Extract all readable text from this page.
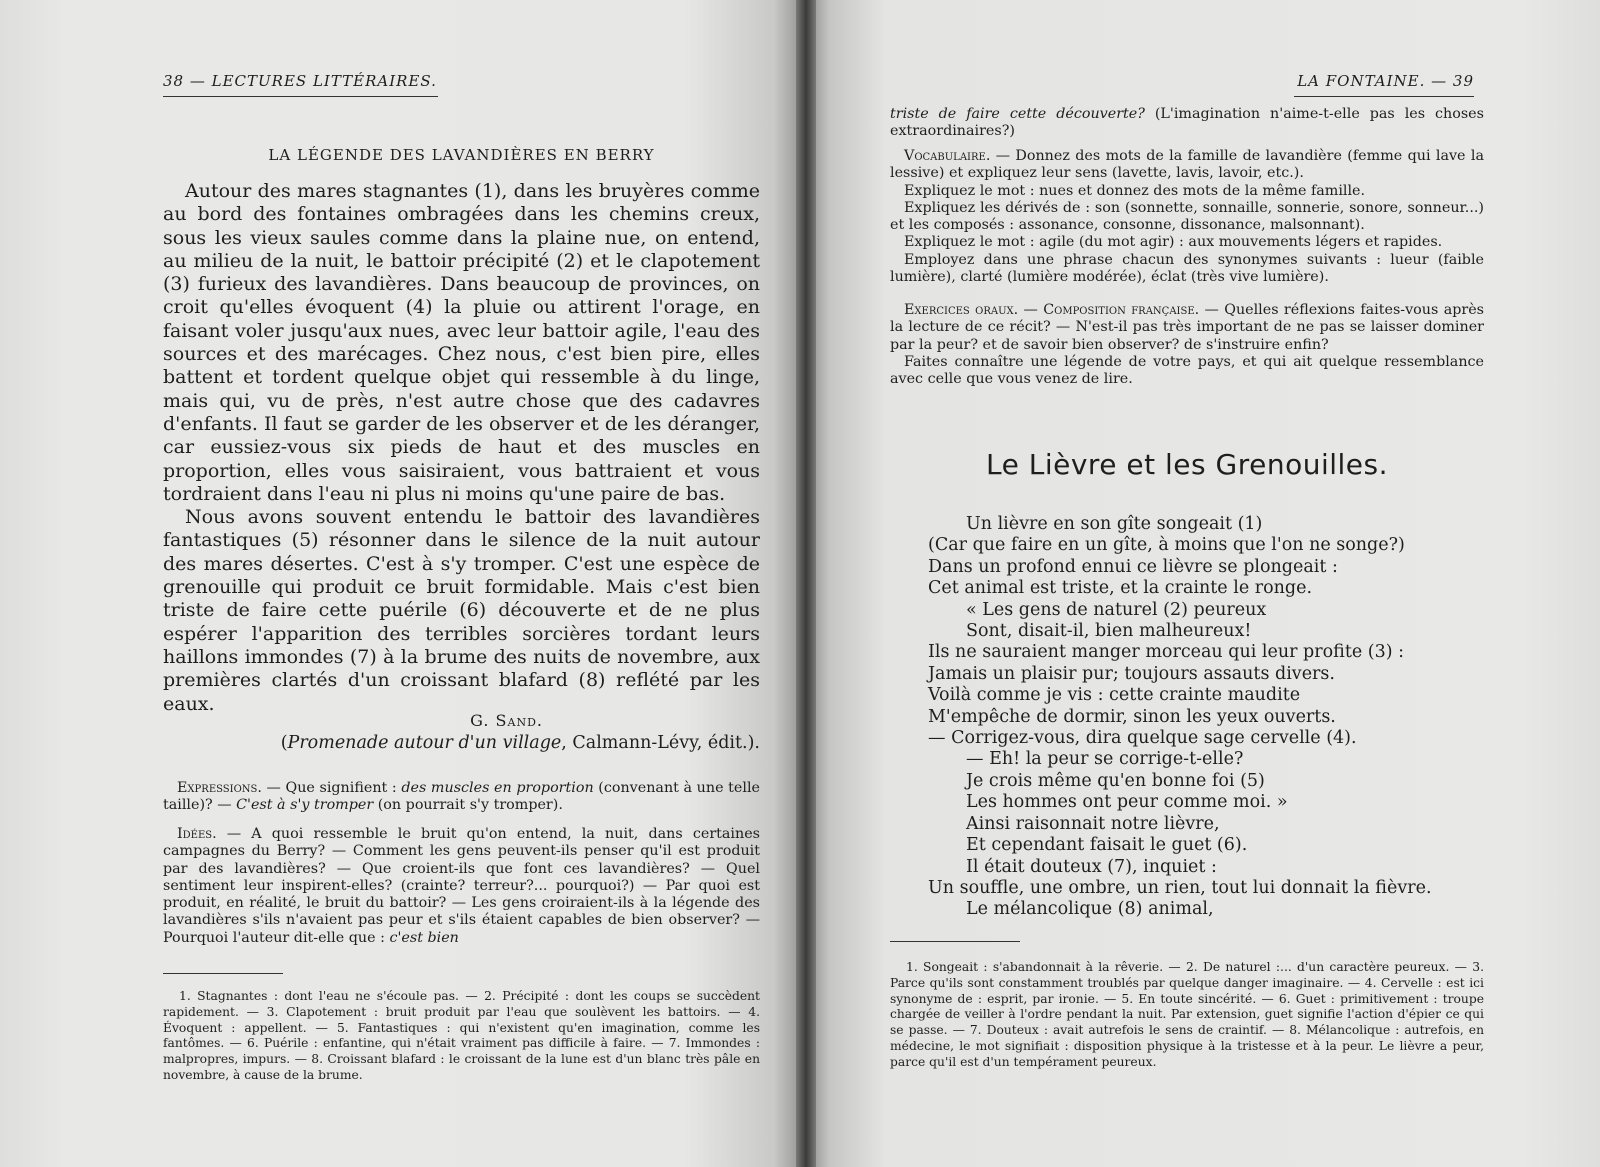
38 — LECTURES LITTÉRAIRES.
LA LÉGENDE DES LAVANDIÈRES EN BERRY

Autour des mares stagnantes (1), dans les bruyères comme au bord des fontaines ombragées dans les chemins creux, sous les vieux saules comme dans la plaine nue, on entend, au milieu de la nuit, le battoir précipité (2) et le clapotement (3) furieux des lavandières. Dans beaucoup de provinces, on croit qu'elles évoquent (4) la pluie ou attirent l'orage, en faisant voler jusqu'aux nues, avec leur battoir agile, l'eau des sources et des marécages. Chez nous, c'est bien pire, elles battent et tordent quelque objet qui ressemble à du linge, mais qui, vu de près, n'est autre chose que des cadavres d'enfants. Il faut se garder de les observer et de les déranger, car eussiez-vous six pieds de haut et des muscles en proportion, elles vous saisiraient, vous battraient et vous tordraient dans l'eau ni plus ni moins qu'une paire de bas.

Nous avons souvent entendu le battoir des lavandières fantastiques (5) résonner dans le silence de la nuit autour des mares désertes. C'est à s'y tromper. C'est une espèce de grenouille qui produit ce bruit formidable. Mais c'est bien triste de faire cette puérile (6) découverte et de ne plus espérer l'apparition des terribles sorcières tordant leurs haillons immondes (7) à la brume des nuits de novembre, aux premières clartés d'un croissant blafard (8) reflété par les eaux.

G. Sand.
(Promenade autour d'un village, Calmann-Lévy, édit.).

Expressions. — Que signifient : des muscles en proportion (convenant à une telle taille)? — C'est à s'y tromper (on pourrait s'y tromper).

Idées. — A quoi ressemble le bruit qu'on entend, la nuit, dans certaines campagnes du Berry? — Comment les gens peuvent-ils penser qu'il est produit par des lavandières? — Que croient-ils que font ces lavandières? — Quel sentiment leur inspirent-elles? (crainte? terreur?... pourquoi?) — Par quoi est produit, en réalité, le bruit du battoir? — Les gens croiraient-ils à la légende des lavandières s'ils n'avaient pas peur et s'ils étaient capables de bien observer? — Pourquoi l'auteur dit-elle que : c'est bien

1. Stagnantes : dont l'eau ne s'écoule pas. — 2. Précipité : dont les coups se succèdent rapidement. — 3. Clapotement : bruit produit par l'eau que soulèvent les battoirs. — 4. Évoquent : appellent. — 5. Fantastiques : qui n'existent qu'en imagination, comme les fantômes. — 6. Puérile : enfantine, qui n'était vraiment pas difficile à faire. — 7. Immondes : malpropres, impurs. — 8. Croissant blafard : le croissant de la lune est d'un blanc très pâle en novembre, à cause de la brume.

LA FONTAINE. — 39

triste de faire cette découverte? (L'imagination n'aime-t-elle pas les choses extraordinaires?)

Vocabulaire. — Donnez des mots de la famille de lavandière (femme qui lave la lessive) et expliquez leur sens (lavette, lavis, lavoir, etc.).

Expliquez le mot : nues et donnez des mots de la même famille.

Expliquez les dérivés de : son (sonnette, sonnaille, sonnerie, sonore, sonneur...) et les composés : assonance, consonne, dissonance, malsonnant).

Expliquez le mot : agile (du mot agir) : aux mouvements légers et rapides.

Employez dans une phrase chacun des synonymes suivants : lueur (faible lumière), clarté (lumière modérée), éclat (très vive lumière).

Exercices oraux. — Composition française. — Quelles réflexions faites-vous après la lecture de ce récit? — N'est-il pas très important de ne pas se laisser dominer par la peur? et de savoir bien observer? de s'instruire enfin?

Faites connaître une légende de votre pays, et qui ait quelque ressemblance avec celle que vous venez de lire.

Le Lièvre et les Grenouilles.
Un lièvre en son gîte songeait (1)
(Car que faire en un gîte, à moins que l'on ne songe?)
Dans un profond ennui ce lièvre se plongeait :
Cet animal est triste, et la crainte le ronge.
« Les gens de naturel (2) peureux
Sont, disait-il, bien malheureux!
Ils ne sauraient manger morceau qui leur profite (3) :
Jamais un plaisir pur; toujours assauts divers.
Voilà comme je vis : cette crainte maudite
M'empêche de dormir, sinon les yeux ouverts.
— Corrigez-vous, dira quelque sage cervelle (4).
— Eh! la peur se corrige-t-elle?
Je crois même qu'en bonne foi (5)
Les hommes ont peur comme moi. »
Ainsi raisonnait notre lièvre,
Et cependant faisait le guet (6).
Il était douteux (7), inquiet :
Un souffle, une ombre, un rien, tout lui donnait la fièvre.
Le mélancolique (8) animal,

1. Songeait : s'abandonnait à la rêverie. — 2. De naturel :... d'un caractère peureux. — 3. Parce qu'ils sont constamment troublés par quelque danger imaginaire. — 4. Cervelle : est ici synonyme de : esprit, par ironie. — 5. En toute sincérité. — 6. Guet : primitivement : troupe chargée de veiller à l'ordre pendant la nuit. Par extension, guet signifie l'action d'épier ce qui se passe. — 7. Douteux : avait autrefois le sens de craintif. — 8. Mélancolique : autrefois, en médecine, le mot signifiait : disposition physique à la tristesse et à la peur. Le lièvre a peur, parce qu'il est d'un tempérament peureux.
